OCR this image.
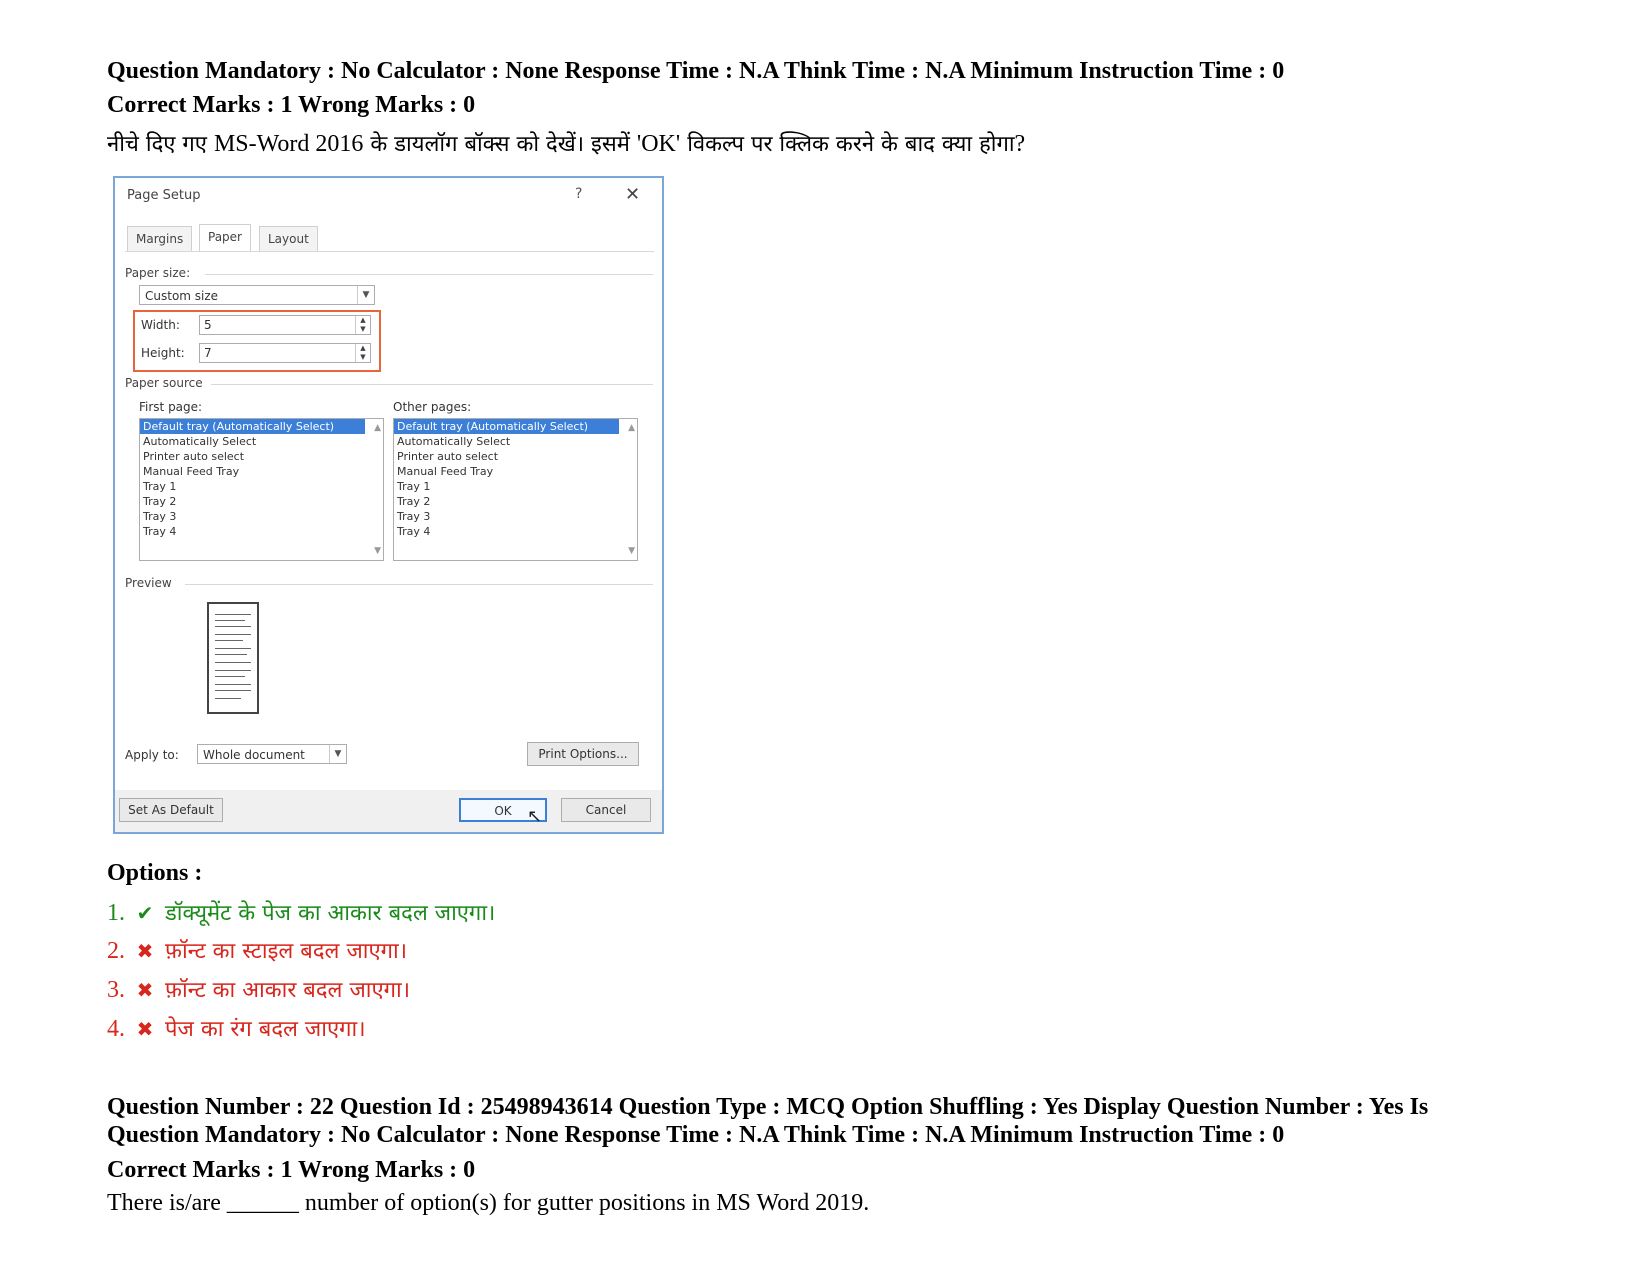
Question Mandatory : No Calculator : None Response Time : N.A Think Time : N.A Minimum Instruction Time : 0
Correct Marks : 1 Wrong Marks : 0
नीचे दिए गए MS-Word 2016 के डायलॉग बॉक्स को देखें। इसमें 'OK' विकल्प पर क्लिक करने के बाद क्या होगा?
Page Setup	? ✕
Margins	Paper	Layout
Paper size:
Custom size	▼
Width:	5	▲
▼
Height:	7	▲
▼
Paper source
First page:	Other pages:
Default tray (Automatically Select)
Automatically Select
Printer auto select
Manual Feed Tray
Tray 1
Tray 2
Tray 3
Tray 4
▲
▼
Default tray (Automatically Select)
Automatically Select
Printer auto select
Manual Feed Tray
Tray 1
Tray 2
Tray 3
Tray 4
▲
▼
Preview
Apply to:	Whole document	▼	Print Options...
Set As Default	OK ↖	Cancel
Options :
1. ✔ डॉक्यूमेंट के पेज का आकार बदल जाएगा।
2. ✖ फ़ॉन्ट का स्टाइल बदल जाएगा।
3. ✖ फ़ॉन्ट का आकार बदल जाएगा।
4. ✖ पेज का रंग बदल जाएगा।
Question Number : 22 Question Id : 25498943614 Question Type : MCQ Option Shuffling : Yes Display Question Number : Yes Is
Question Mandatory : No Calculator : None Response Time : N.A Think Time : N.A Minimum Instruction Time : 0
Correct Marks : 1 Wrong Marks : 0
There is/are ______ number of option(s) for gutter positions in MS Word 2019.
